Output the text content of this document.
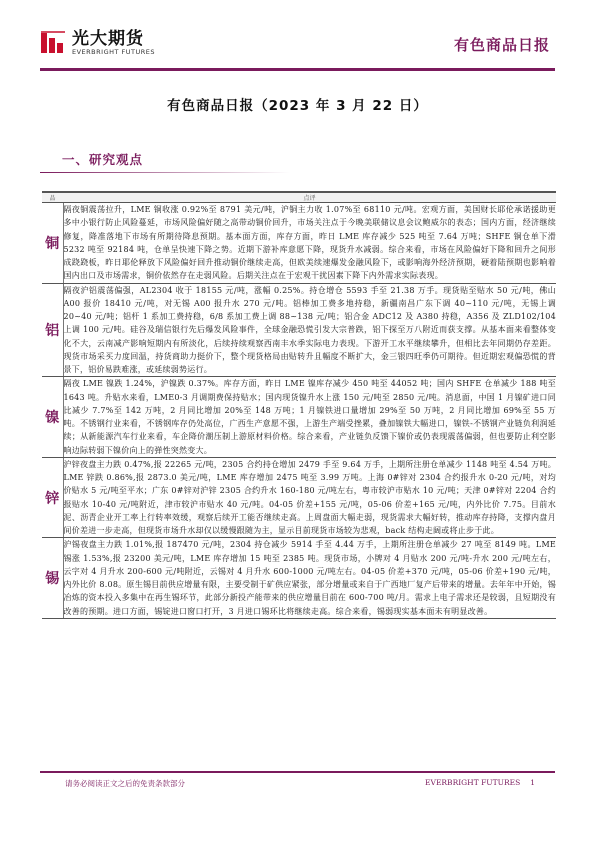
光大期货
EVERBRIGHT FUTURES	有色商品日报
有色商品日报（2023 年 3 月 22 日）
一、研究观点
品	点评
铜	隔夜铜震荡拉升，LME 铜收涨 0.92%至 8791 美元/吨，沪铜主力收 1.07%至 68110 元/吨。宏观方面，美国财长耶伦承诺援助更多中小银行防止风险蔓延，市场风险偏好随之高带动铜价回升，市场关注点于今晚美联储议息会议鲍威尔的表态；国内方面，经济继续修复，降准落地下市场有所期待降息预期。基本面方面，库存方面，昨日 LME 库存减少 525 吨至 7.64 万吨；SHFE 铜仓单下滑 5232 吨至 92184 吨，仓单呈快速下降之势。近期下游补库意愿下降，现货升水减弱。综合来看，市场在风险偏好下降和回升之间形成跷跷板，昨日耶伦释放下风险偏好回升推动铜价继续走高，但欧美续速爆发金融风险下，或影响海外经济预期，硬着陆预期也影响着国内出口及市场需求，铜价依然存在走弱风险。后期关注点在于宏观干扰因素下降下内外需求实际表现。
铝	隔夜沪铝震荡偏强，AL2304 收于 18155 元/吨，涨幅 0.25%。持仓增仓 5593 手至 21.38 万手。现货贴至贴水 50 元/吨，佛山 A00 报价 18410 元/吨，对无锡 A00 报升水 270 元/吨。铝棒加工费多地持稳，新疆南昌广东下调 40~110 元/吨，无锡上调 20~40 元/吨；铝杆 1 系加工费持稳，6/8 系加工费上调 88~138 元/吨；铝合金 ADC12 及 A380 持稳，A356 及 ZLD102/104 上调 100 元/吨。硅谷及瑞信银行先后爆发风险事件，全球金融恐慌引发大宗普跌，铝下探至万八附近而获支撑。从基本面来看整体变化不大，云南减产影响短期内有所淡化，后续持续观察西南丰水季实际电力表现。下游开工水平继续攀升，但相比去年同期仍存差距。现货市场采买力度回温，持货商助力挺价下，整个现货格局由贴转升且幅度不断扩大，金三银四旺季仍可期待。但近期宏观偏恐慌的背景下，铝价易跌难涨，或延续弱势运行。
镍	隔夜 LME 镍跌 1.24%，沪镍跌 0.37%。库存方面，昨日 LME 镍库存减少 450 吨至 44052 吨；国内 SHFE 仓单减少 188 吨至 1643 吨。升贴水来看，LME0-3 月调期费保持贴水；国内现货镍升水上涨 150 元/吨至 2850 元/吨。消息面，中国 1 月镍矿进口同比减少 7.7%至 142 万吨，2 月同比增加 20%至 148 万吨；1 月镍铁进口量增加 29%至 50 万吨，2 月同比增加 69%至 55 万吨。不锈钢行业来看，不锈钢库存仍处高位，广西生产意愿不强，上游生产端受挫累，叠加镍铁大幅进口，镍铁-不锈钢产业链负利润延续；从新能源汽车行业来看，车企降价潮压制上游原材料价格。综合来看，产业链负反馈下镍价或仍表现震荡偏弱，但也要防止利空影响边际转弱下镍价向上的弹性突然变大。
锌	沪锌夜盘主力跌 0.47%,报 22265 元/吨，2305 合约持仓增加 2479 手至 9.64 万手，上期所注册仓单减少 1148 吨至 4.54 万吨。LME 锌跌 0.86%,报 2873.0 美元/吨，LME 库存增加 2475 吨至 3.99 万吨。上海 0#锌对 2304 合约报升水 0-20 元/吨，对均价贴水 5 元/吨至平水；广东 0#锌对沪锌 2305 合约升水 160-180 元/吨左右，粤市较沪市贴水 10 元/吨；天津 0#锌对 2204 合约报贴水 10-40 元/吨附近，津市较沪市贴水 40 元/吨。04-05 价差+155 元/吨，05-06 价差+165 元/吨，内外比价 7.75。目前水泥、沥青企业开工率上行转率效缓，观察后续开工能否继续走高。上周盘面大幅走弱，现货需求大幅好转，推动库存持降，支撑内盘月间价差进一步走高，但现货市场升水却仅以缓慢跟随为主，显示目前现货市场较为悲观，back 结构走阔或将止步于此。
锡	沪锡夜盘主力跌 1.01%,报 187470 元/吨，2304 持仓减少 5914 手至 4.44 万手，上期所注册仓单减少 27 吨至 8149 吨。LME 锡涨 1.53%,报 23200 美元/吨，LME 库存增加 15 吨至 2385 吨。现货市场，小牌对 4 月贴水 200 元/吨-升水 200 元/吨左右，云字对 4 月升水 200-600 元/吨附近，云锡对 4 月升水 600-1000 元/吨左右。04-05 价差+370 元/吨，05-06 价差+190 元/吨，内外比价 8.08。原生锡目前供应增量有限，主要受制于矿供应紧张，部分增量或来自于广西地厂复产后带来的增量。去年年中开始，锡冶炼的资本投入多集中在再生锡环节，此部分新投产能带来的供应增量目前在 600-700 吨/月。需求上电子需求还是较弱，且短期没有改善的预期。进口方面，锡锭进口窗口打开，3 月进口锡环比将继续走高。综合来看，锡弱现实基本面未有明显改善。
请务必阅读正文之后的免责条款部分	EVERBRIGHT FUTURES 1
